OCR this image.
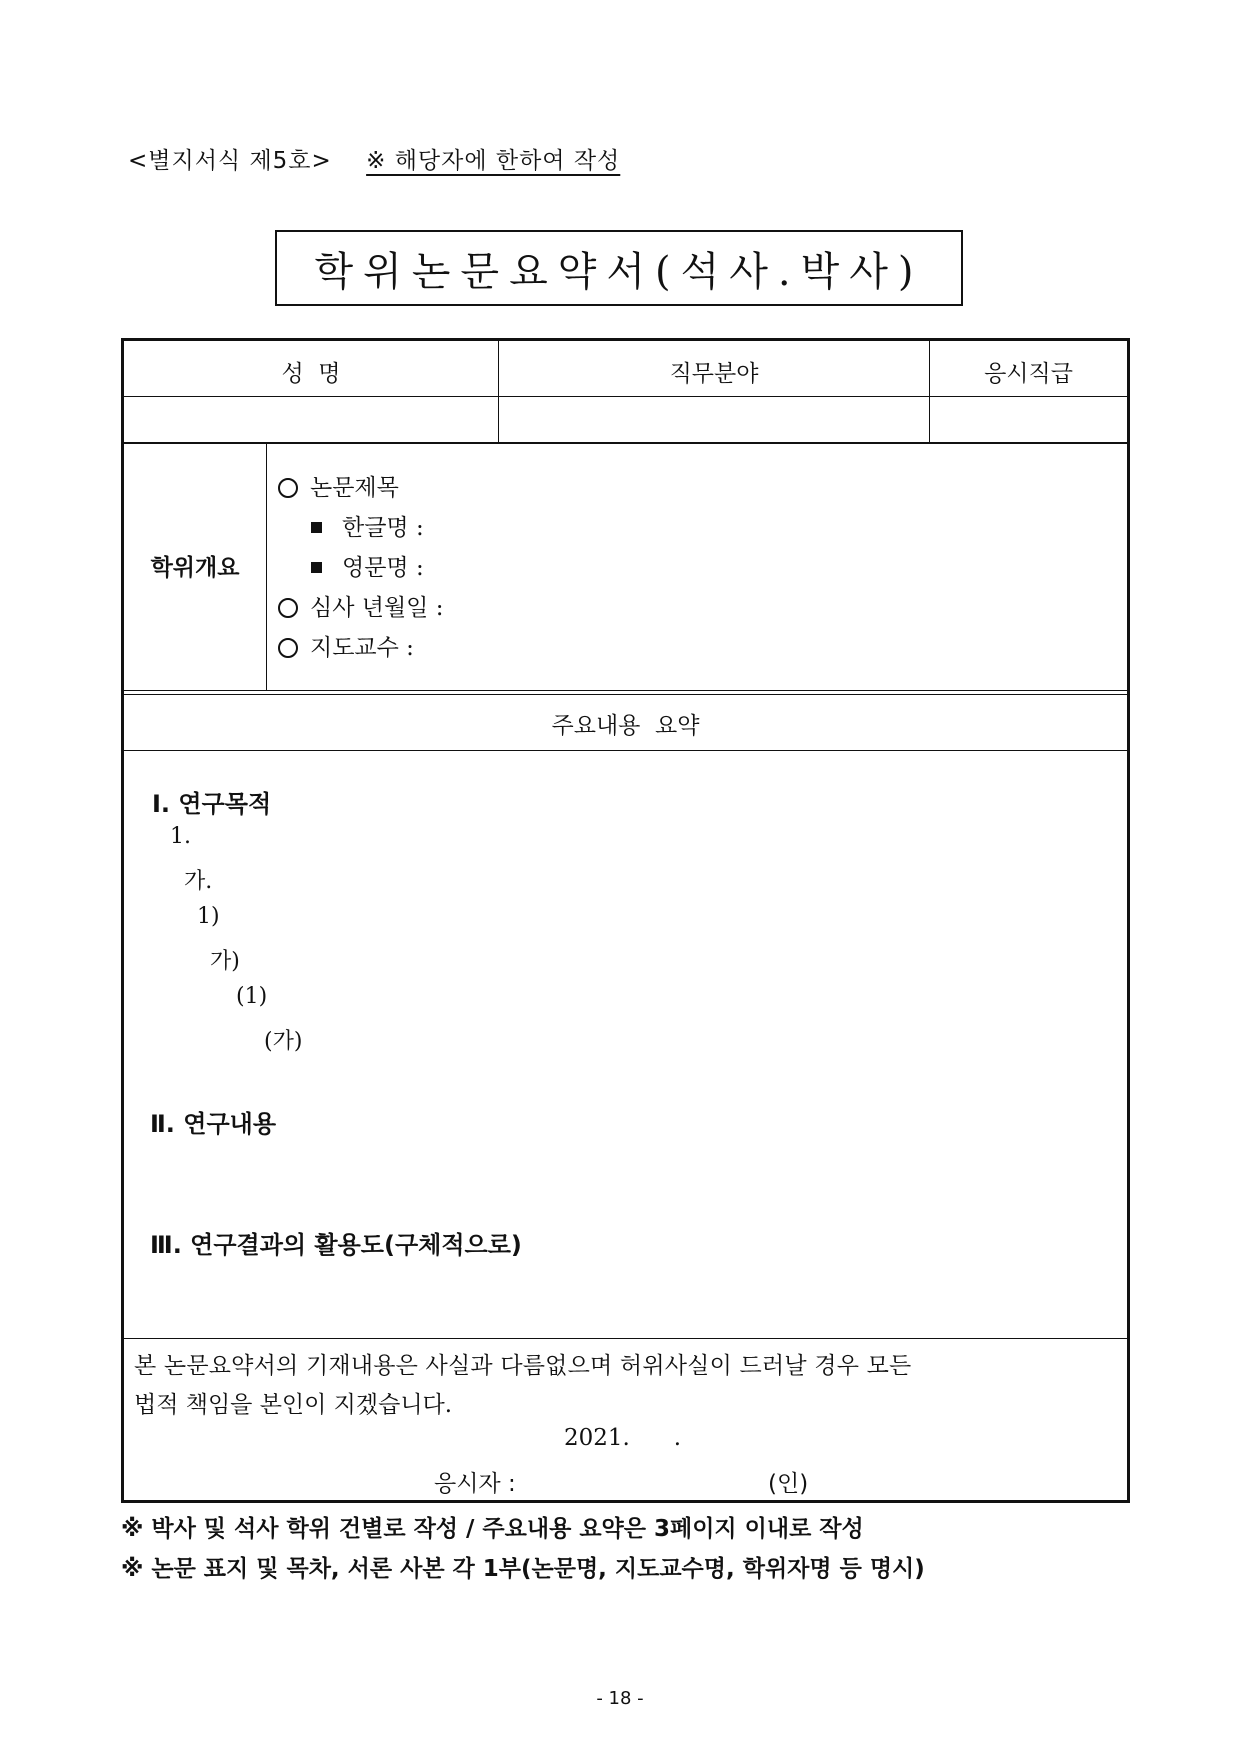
<별지서식 제5호> ※ 해당자에 한하여 작성
학위논문요약서(석사.박사)
성  명	직무분야	응시직급
학위개요
논문제목
한글명 :
영문명 :
심사 년월일 :
지도교수 :
주요내용  요약
Ⅰ. 연구목적
1.
가.
1)
가)
(1)
(가)
Ⅱ. 연구내용
Ⅲ. 연구결과의 활용도(구체적으로)
본 논문요약서의 기재내용은 사실과 다름없으며 허위사실이 드러날 경우 모든
법적 책임을 본인이 지겠습니다.
2021.      .
응시자 :	(인)
※ 박사 및 석사 학위 건별로 작성 / 주요내용 요약은 3페이지 이내로 작성
※ 논문 표지 및 목차, 서론 사본 각 1부(논문명, 지도교수명, 학위자명 등 명시)
- 18 -
